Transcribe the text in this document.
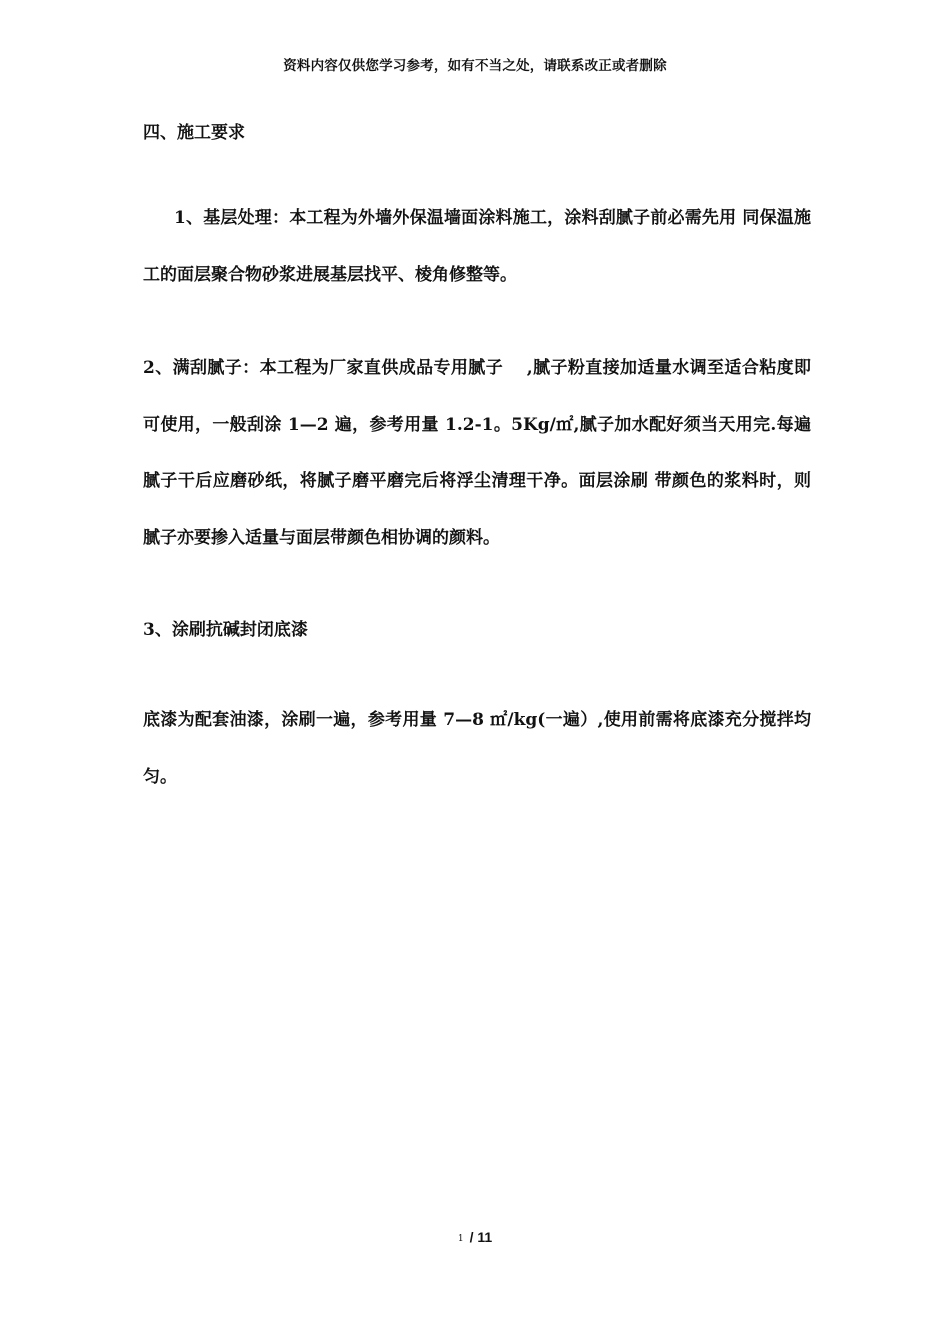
资料内容仅供您学习参考，如有不当之处，请联系改正或者删除
四、施工要求

1、基层处理：本工程为外墙外保温墙面涂料施工，涂料刮腻子前必需先用 同保温施工的面层聚合物砂浆进展基层找平、棱角修整等。

2、满刮腻子：本工程为厂家直供成品专用腻子　 ,腻子粉直接加适量水调至适合粘度即可使用，一般刮涂 1—2 遍，参考用量 1.2-1。5Kg/㎡,腻子加水配好须当天用完.每遍腻子干后应磨砂纸，将腻子磨平磨完后将浮尘清理干净。面层涂刷 带颜色的浆料时，则腻子亦要掺入适量与面层带颜色相协调的颜料。

3、涂刷抗碱封闭底漆

底漆为配套油漆，涂刷一遍，参考用量 7—8 ㎡/kg(一遍）,使用前需将底漆充分搅拌均匀。

1 / 11
